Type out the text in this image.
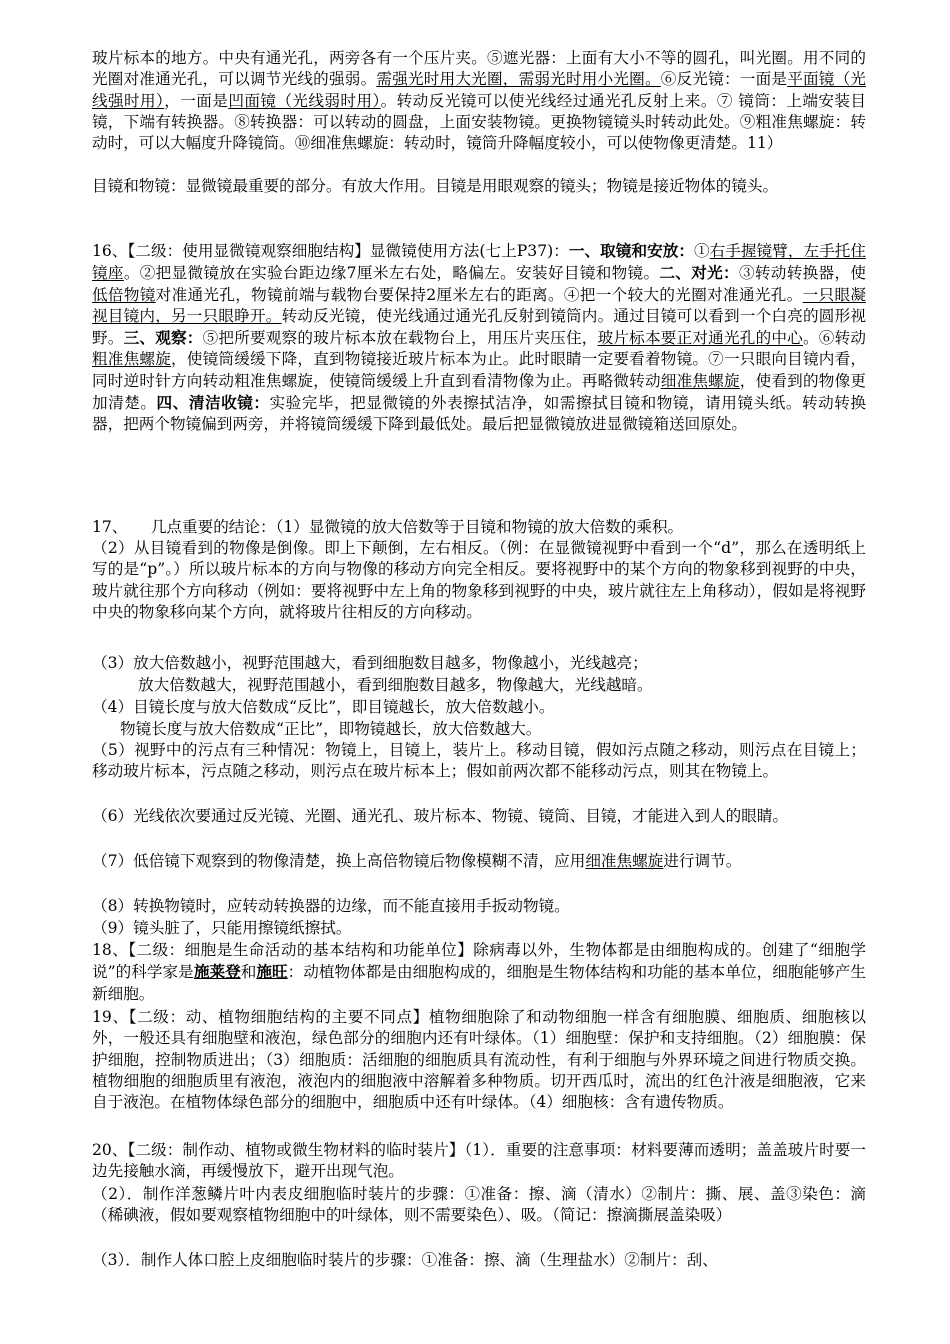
玻片标本的地方。中央有通光孔，两旁各有一个压片夹。⑤遮光器：上面有大小不等的圆孔，叫光圈。用不同的光圈对准通光孔，可以调节光线的强弱。需强光时用大光圈，需弱光时用小光圈。⑥反光镜：一面是平面镜（光线强时用），一面是凹面镜（光线弱时用）。转动反光镜可以使光线经过通光孔反射上来。⑦ 镜筒：上端安装目镜，下端有转换器。⑧转换器：可以转动的圆盘，上面安装物镜。更换物镜镜头时转动此处。⑨粗准焦螺旋：转动时，可以大幅度升降镜筒。⑩细准焦螺旋：转动时，镜筒升降幅度较小，可以使物像更清楚。11）

目镜和物镜：显微镜最重要的部分。有放大作用。目镜是用眼观察的镜头；物镜是接近物体的镜头。

16、【二级：使用显微镜观察细胞结构】显微镜使用方法(七上P37)：一、取镜和安放：①右手握镜臂，左手托住镜座。②把显微镜放在实验台距边缘7厘米左右处，略偏左。安装好目镜和物镜。二、对光：③转动转换器，使低倍物镜对准通光孔，物镜前端与载物台要保持2厘米左右的距离。④把一个较大的光圈对准通光孔。一只眼凝视目镜内，另一只眼睁开。转动反光镜，使光线通过通光孔反射到镜筒内。通过目镜可以看到一个白亮的圆形视野。三、观察：⑤把所要观察的玻片标本放在载物台上，用压片夹压住，玻片标本要正对通光孔的中心。⑥转动粗准焦螺旋，使镜筒缓缓下降，直到物镜接近玻片标本为止。此时眼睛一定要看着物镜。⑦一只眼向目镜内看，同时逆时针方向转动粗准焦螺旋，使镜筒缓缓上升直到看清物像为止。再略微转动细准焦螺旋，使看到的物像更加清楚。四、清洁收镜：实验完毕，把显微镜的外表擦拭洁净，如需擦拭目镜和物镜，请用镜头纸。转动转换器，把两个物镜偏到两旁，并将镜筒缓缓下降到最低处。最后把显微镜放进显微镜箱送回原处。

17、　　几点重要的结论：（1）显微镜的放大倍数等于目镜和物镜的放大倍数的乘积。

（2）从目镜看到的物像是倒像。即上下颠倒，左右相反。（例：在显微镜视野中看到一个“d”，那么在透明纸上写的是“p”。）所以玻片标本的方向与物像的移动方向完全相反。要将视野中的某个方向的物象移到视野的中央，玻片就往那个方向移动（例如：要将视野中左上角的物象移到视野的中央，玻片就往左上角移动），假如是将视野中央的物象移向某个方向，就将玻片往相反的方向移动。

（3）放大倍数越小，视野范围越大，看到细胞数目越多，物像越小，光线越亮；

放大倍数越大，视野范围越小，看到细胞数目越多，物像越大，光线越暗。

（4）目镜长度与放大倍数成“反比”，即目镜越长，放大倍数越小。

物镜长度与放大倍数成“正比”，即物镜越长，放大倍数越大。

（5）视野中的污点有三种情况：物镜上，目镜上，装片上。移动目镜，假如污点随之移动，则污点在目镜上；移动玻片标本，污点随之移动，则污点在玻片标本上；假如前两次都不能移动污点，则其在物镜上。

（6）光线依次要通过反光镜、光圈、通光孔、玻片标本、物镜、镜筒、目镜，才能进入到人的眼睛。

（7）低倍镜下观察到的物像清楚，换上高倍物镜后物像模糊不清，应用细准焦螺旋进行调节。

（8）转换物镜时，应转动转换器的边缘，而不能直接用手扳动物镜。

（9）镜头脏了，只能用擦镜纸擦拭。

18、【二级：细胞是生命活动的基本结构和功能单位】除病毒以外，生物体都是由细胞构成的。创建了“细胞学说”的科学家是施莱登和施旺：动植物体都是由细胞构成的，细胞是生物体结构和功能的基本单位，细胞能够产生新细胞。

19、【二级：动、植物细胞结构的主要不同点】植物细胞除了和动物细胞一样含有细胞膜、细胞质、细胞核以外，一般还具有细胞壁和液泡，绿色部分的细胞内还有叶绿体。（1）细胞壁：保护和支持细胞。（2）细胞膜：保护细胞，控制物质进出；（3）细胞质：活细胞的细胞质具有流动性，有利于细胞与外界环境之间进行物质交换。植物细胞的细胞质里有液泡，液泡内的细胞液中溶解着多种物质。切开西瓜时，流出的红色汁液是细胞液，它来自于液泡。在植物体绿色部分的细胞中，细胞质中还有叶绿体。（4）细胞核：含有遗传物质。

20、【二级：制作动、植物或微生物材料的临时装片】（1）．重要的注意事项：材料要薄而透明；盖盖玻片时要一边先接触水滴，再缓慢放下，避开出现气泡。

（2）．制作洋葱鳞片叶内表皮细胞临时装片的步骤：①准备：擦、滴（清水）②制片：撕、展、盖③染色：滴（稀碘液，假如要观察植物细胞中的叶绿体，则不需要染色）、吸。（简记：擦滴撕展盖染吸）

（3）．制作人体口腔上皮细胞临时装片的步骤：①准备：擦、滴（生理盐水）②制片：刮、
